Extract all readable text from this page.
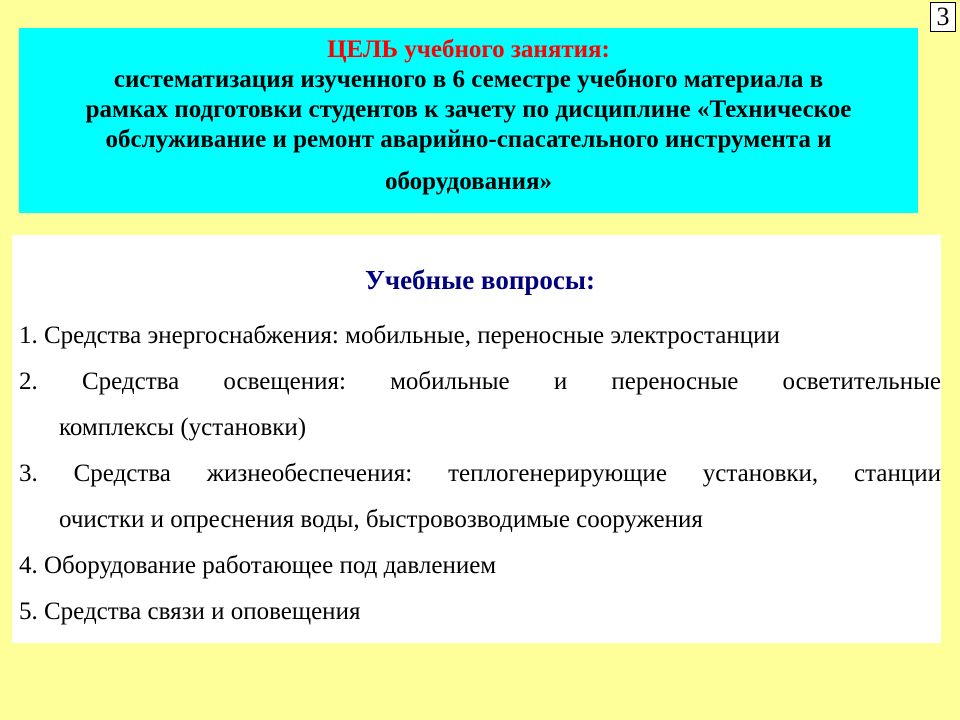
3
ЦЕЛЬ учебного занятия:
систематизация изученного в 6 семестре учебного материала в
рамках подготовки студентов к зачету по дисциплине «Техническое
обслуживание и ремонт аварийно-спасательного инструмента и
оборудования»
Учебные вопросы:
1. Средства энергоснабжения: мобильные, переносные электростанции
2. Средства освещения: мобильные и переносные осветительные
комплексы (установки)
3. Средства жизнеобеспечения: теплогенерирующие установки, станции
очистки и опреснения воды, быстровозводимые сооружения
4. Оборудование работающее под давлением
5. Средства связи и оповещения
